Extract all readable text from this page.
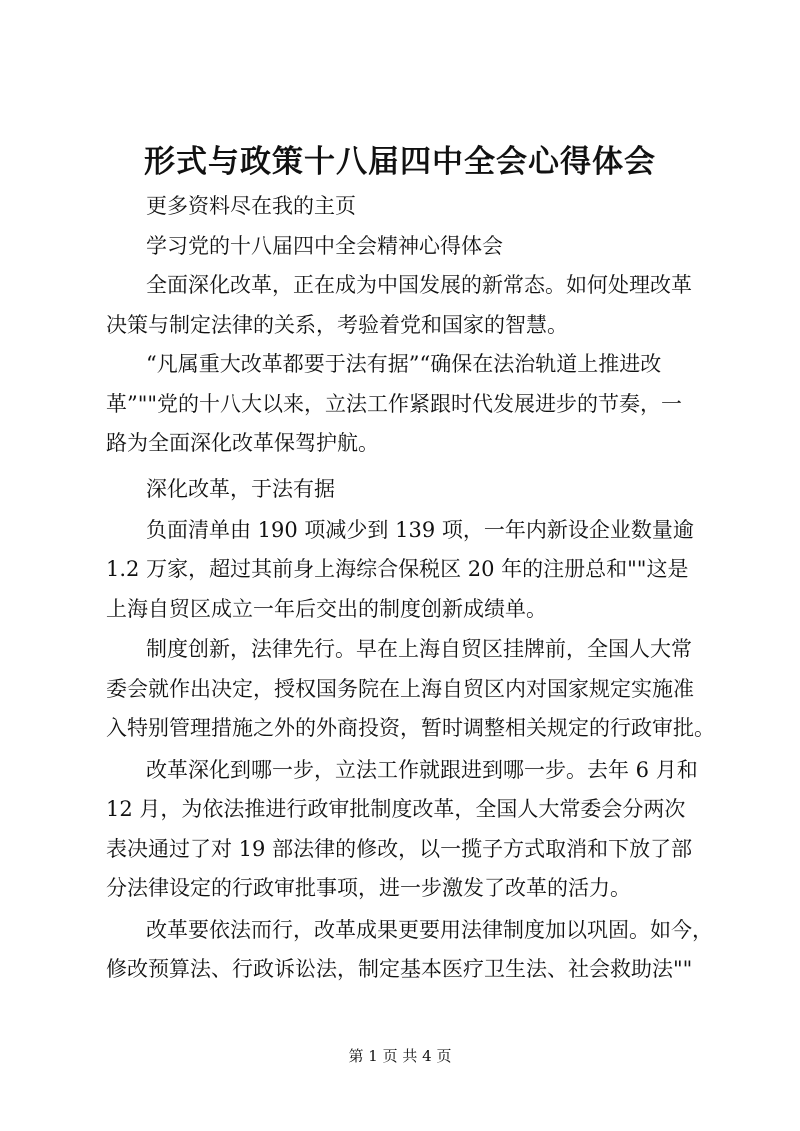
形式与政策十八届四中全会心得体会

更多资料尽在我的主页

学习党的十八届四中全会精神心得体会

全面深化改革，正在成为中国发展的新常态。如何处理改革

决策与制定法律的关系，考验着党和国家的智慧。

“凡属重大改革都要于法有据”“确保在法治轨道上推进改

革”""党的十八大以来，立法工作紧跟时代发展进步的节奏，一

路为全面深化改革保驾护航。

深化改革，于法有据

负面清单由 190 项减少到 139 项，一年内新设企业数量逾

1.2 万家，超过其前身上海综合保税区 20 年的注册总和""这是

上海自贸区成立一年后交出的制度创新成绩单。

制度创新，法律先行。早在上海自贸区挂牌前，全国人大常

委会就作出决定，授权国务院在上海自贸区内对国家规定实施准

入特别管理措施之外的外商投资，暂时调整相关规定的行政审批。

改革深化到哪一步，立法工作就跟进到哪一步。去年 6 月和

12 月，为依法推进行政审批制度改革，全国人大常委会分两次

表决通过了对 19 部法律的修改，以一揽子方式取消和下放了部

分法律设定的行政审批事项，进一步激发了改革的活力。

改革要依法而行，改革成果更要用法律制度加以巩固。如今，

修改预算法、行政诉讼法，制定基本医疗卫生法、社会救助法""

第 1 页 共 4 页
